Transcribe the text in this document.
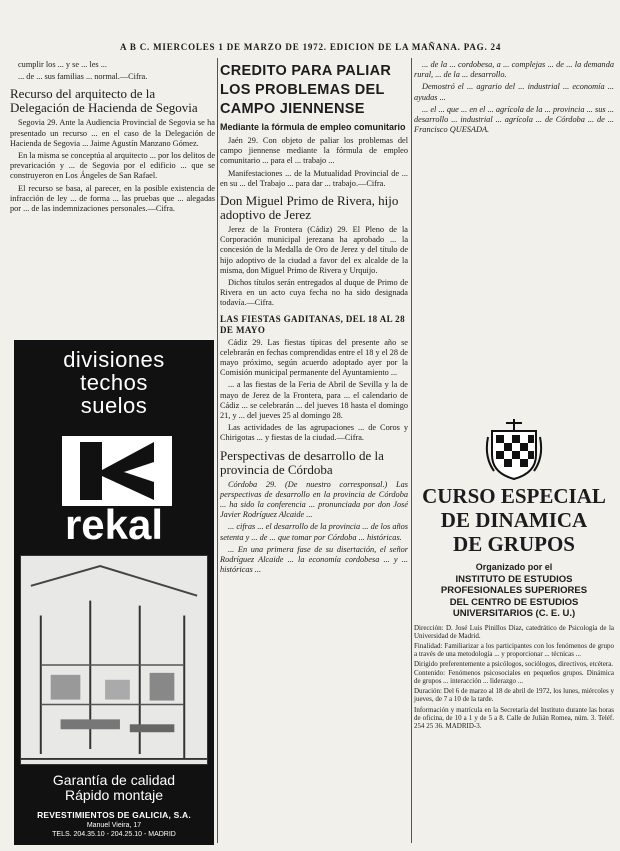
A B C. MIERCOLES 1 DE MARZO DE 1972. EDICION DE LA MAÑANA. PAG. 24

cumplir los ... y se ... les ...

... de ... sus familias ... normal.—Cifra.

Recurso del arquitecto de la Delegación de Hacienda de Segovia

Segovia 29. Ante la Audiencia Provincial de Segovia se ha presentado un recurso ... en el caso de la Delegación de Hacienda de Segovia ... Jaime Agustín Manzano Gómez.

En la misma se conceptúa al arquitecto ... por los delitos de prevaricación y ... de Segovia por el edificio ... que se construyeron en Los Ángeles de San Rafael.

El recurso se basa, al parecer, en la posible existencia de infracción de ley ... de forma ... las pruebas que ... alegadas por ... de las indemnizaciones personales.—Cifra.

divisiones
techos
suelos
rekal
Garantía de calidad
Rápido montaje
REVESTIMIENTOS DE GALICIA, S.A.
Manuel Vieira, 17
TELS. 204.35.10 - 204.25.10 - MADRID
CREDITO PARA PALIAR LOS PROBLEMAS DEL CAMPO JIENNENSE
Mediante la fórmula de empleo comunitario

Jaén 29. Con objeto de paliar los problemas del campo jiennense mediante la fórmula de empleo comunitario ... para el ... trabajo ...

Manifestaciones ... de la Mutualidad Provincial de ... en su ... del Trabajo ... para dar ... trabajo.—Cifra.

Don Miguel Primo de Rivera, hijo adoptivo de Jerez

Jerez de la Frontera (Cádiz) 29. El Pleno de la Corporación municipal jerezana ha aprobado ... la concesión de la Medalla de Oro de Jerez y del título de hijo adoptivo de la ciudad a favor del ex alcalde de la misma, don Miguel Primo de Rivera y Urquijo.

Dichos títulos serán entregados al duque de Primo de Rivera en un acto cuya fecha no ha sido designada todavía.—Cifra.

LAS FIESTAS GADITANAS, DEL 18 AL 28 DE MAYO

Cádiz 29. Las fiestas típicas del presente año se celebrarán en fechas comprendidas entre el 18 y el 28 de mayo próximo, según acuerdo adoptado ayer por la Comisión municipal permanente del Ayuntamiento ...

... a las fiestas de la Feria de Abril de Sevilla y la de mayo de Jerez de la Frontera, para ... el calendario de Cádiz ... se celebrarán ... del jueves 18 hasta el domingo 21, y ... del jueves 25 al domingo 28.

Las actividades de las agrupaciones ... de Coros y Chirigotas ... y fiestas de la ciudad.—Cifra.

Perspectivas de desarrollo de la provincia de Córdoba

Córdoba 29. (De nuestro corresponsal.) Las perspectivas de desarrollo en la provincia de Córdoba ... ha sido la conferencia ... pronunciada por don José Javier Rodríguez Alcaide ...

... cifras ... el desarrollo de la provincia ... de los años setenta y ... de ... que tomar por Córdoba ... históricas.

... En una primera fase de su disertación, el señor Rodríguez Alcaide ... la economía cordobesa ... y ... históricas ...

... de la ... cordobesa, a ... complejas ... de ... la demanda rural, ... de la ... desarrollo.

Demostró el ... agrario del ... industrial ... economía ... ayudas ...

... el ... que ... en el ... agrícola de la ... provincia ... sus ... desarrollo ... industrial ... agrícola ... de Córdoba ... de ... Francisco QUESADA.

CURSO ESPECIAL
DE DINAMICA
DE GRUPOS
Organizado por el
INSTITUTO DE ESTUDIOS
PROFESIONALES SUPERIORES
DEL CENTRO DE ESTUDIOS
UNIVERSITARIOS (C. E. U.)
Dirección: D. José Luis Pinillos Díaz, catedrático de Psicología de la Universidad de Madrid.
Finalidad: Familiarizar a los participantes con los fenómenos de grupo a través de una metodología ... y proporcionar ... técnicas ...
Dirigido preferentemente a psicólogos, sociólogos, directivos, etcétera.
Contenido: Fenómenos psicosociales en pequeños grupos. Dinámica de grupos ... interacción ... liderazgo ...
Duración: Del 6 de marzo al 18 de abril de 1972, los lunes, miércoles y jueves, de 7 a 10 de la tarde.
Información y matrícula en la Secretaría del Instituto durante las horas de oficina, de 10 a 1 y de 5 a 8. Calle de Julián Romea, núm. 3. Teléf. 254 25 36. MADRID-3.
